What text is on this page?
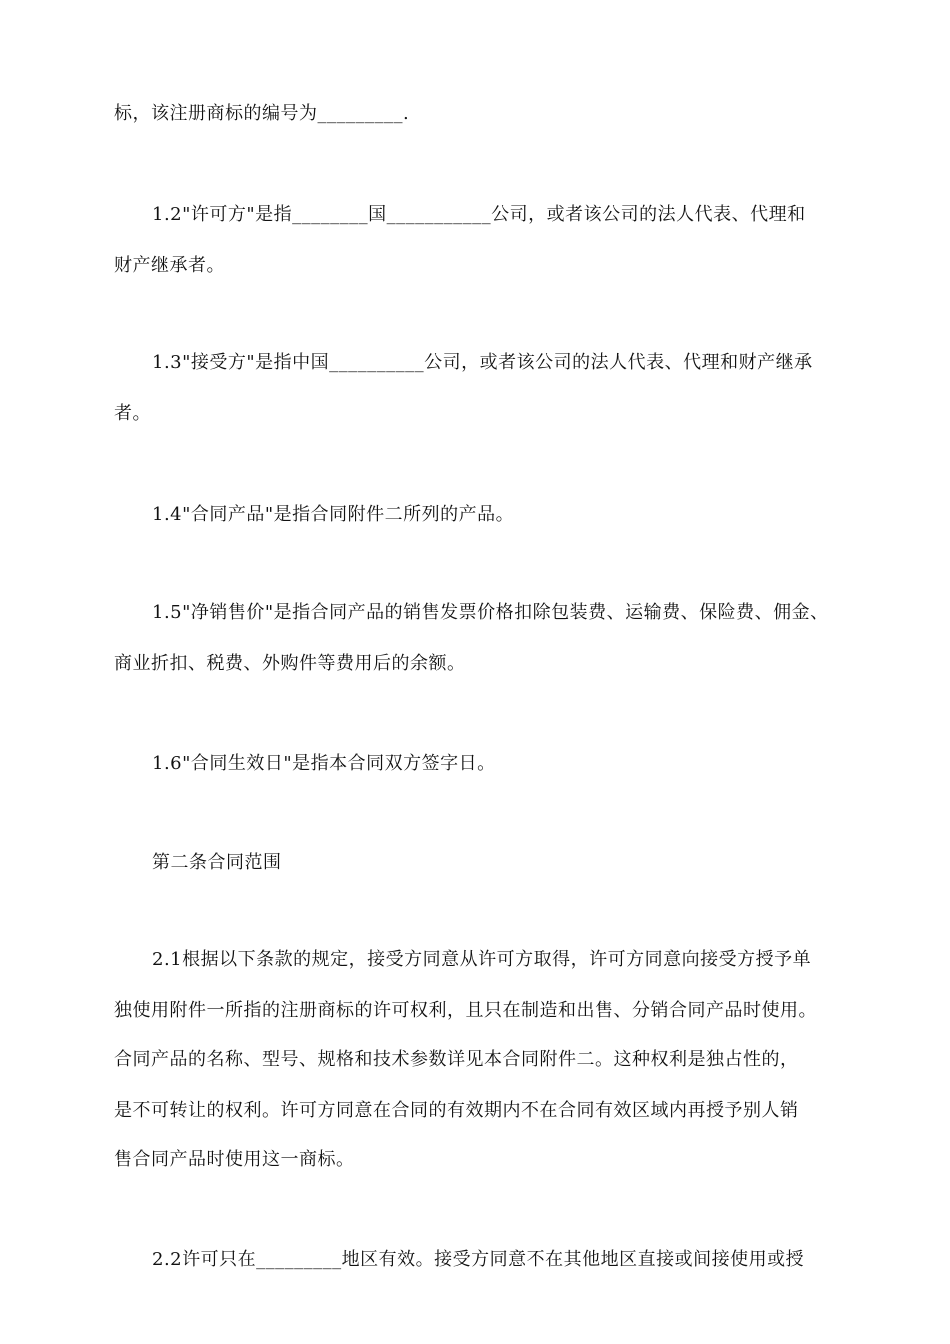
标，该注册商标的编号为_________.
1.2"许可方"是指________国___________公司，或者该公司的法人代表、代理和
财产继承者。
1.3"接受方"是指中国__________公司，或者该公司的法人代表、代理和财产继承
者。
1.4"合同产品"是指合同附件二所列的产品。
1.5"净销售价"是指合同产品的销售发票价格扣除包装费、运输费、保险费、佣金、
商业折扣、税费、外购件等费用后的余额。
1.6"合同生效日"是指本合同双方签字日。
第二条合同范围
2.1根据以下条款的规定，接受方同意从许可方取得，许可方同意向接受方授予单
独使用附件一所指的注册商标的许可权利，且只在制造和出售、分销合同产品时使用。
合同产品的名称、型号、规格和技术参数详见本合同附件二。这种权利是独占性的，
是不可转让的权利。许可方同意在合同的有效期内不在合同有效区域内再授予别人销
售合同产品时使用这一商标。
2.2许可只在_________地区有效。接受方同意不在其他地区直接或间接使用或授
